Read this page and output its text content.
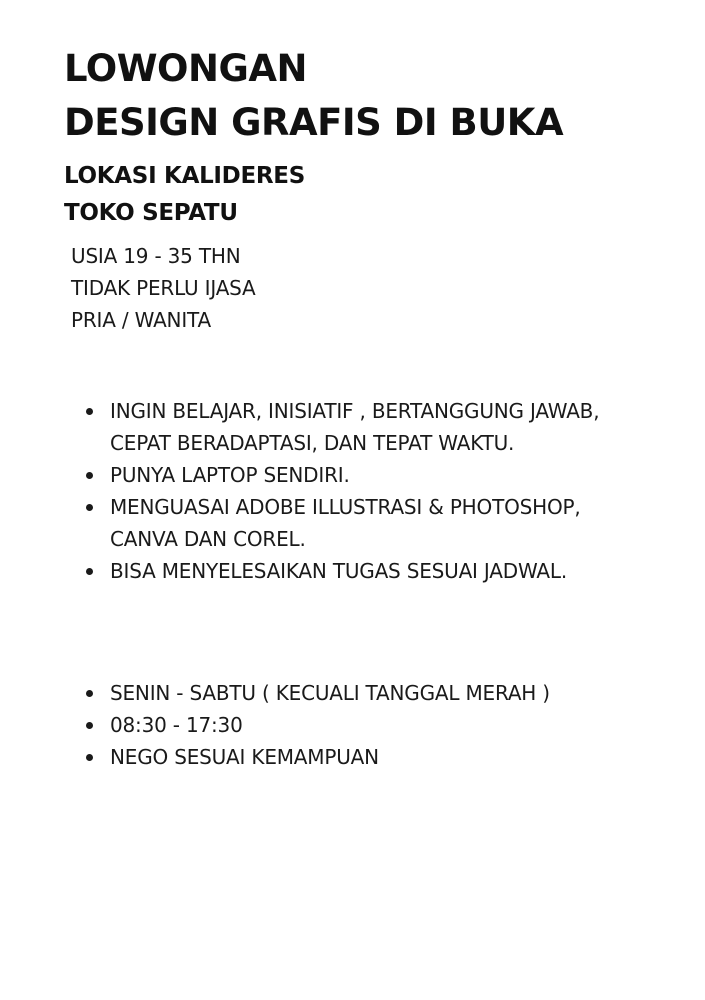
LOWONGAN
DESIGN GRAFIS DI BUKA
LOKASI KALIDERES
TOKO SEPATU

USIA 19 - 35 THN
TIDAK PERLU IJASA
PRIA / WANITA

INGIN BELAJAR, INISIATIF , BERTANGGUNG JAWAB, CEPAT BERADAPTASI, DAN TEPAT WAKTU.
PUNYA LAPTOP SENDIRI.
MENGUASAI ADOBE ILLUSTRASI & PHOTOSHOP, CANVA DAN COREL.
BISA MENYELESAIKAN TUGAS SESUAI JADWAL.
SENIN - SABTU ( KECUALI TANGGAL MERAH )
08:30 - 17:30
NEGO SESUAI KEMAMPUAN
